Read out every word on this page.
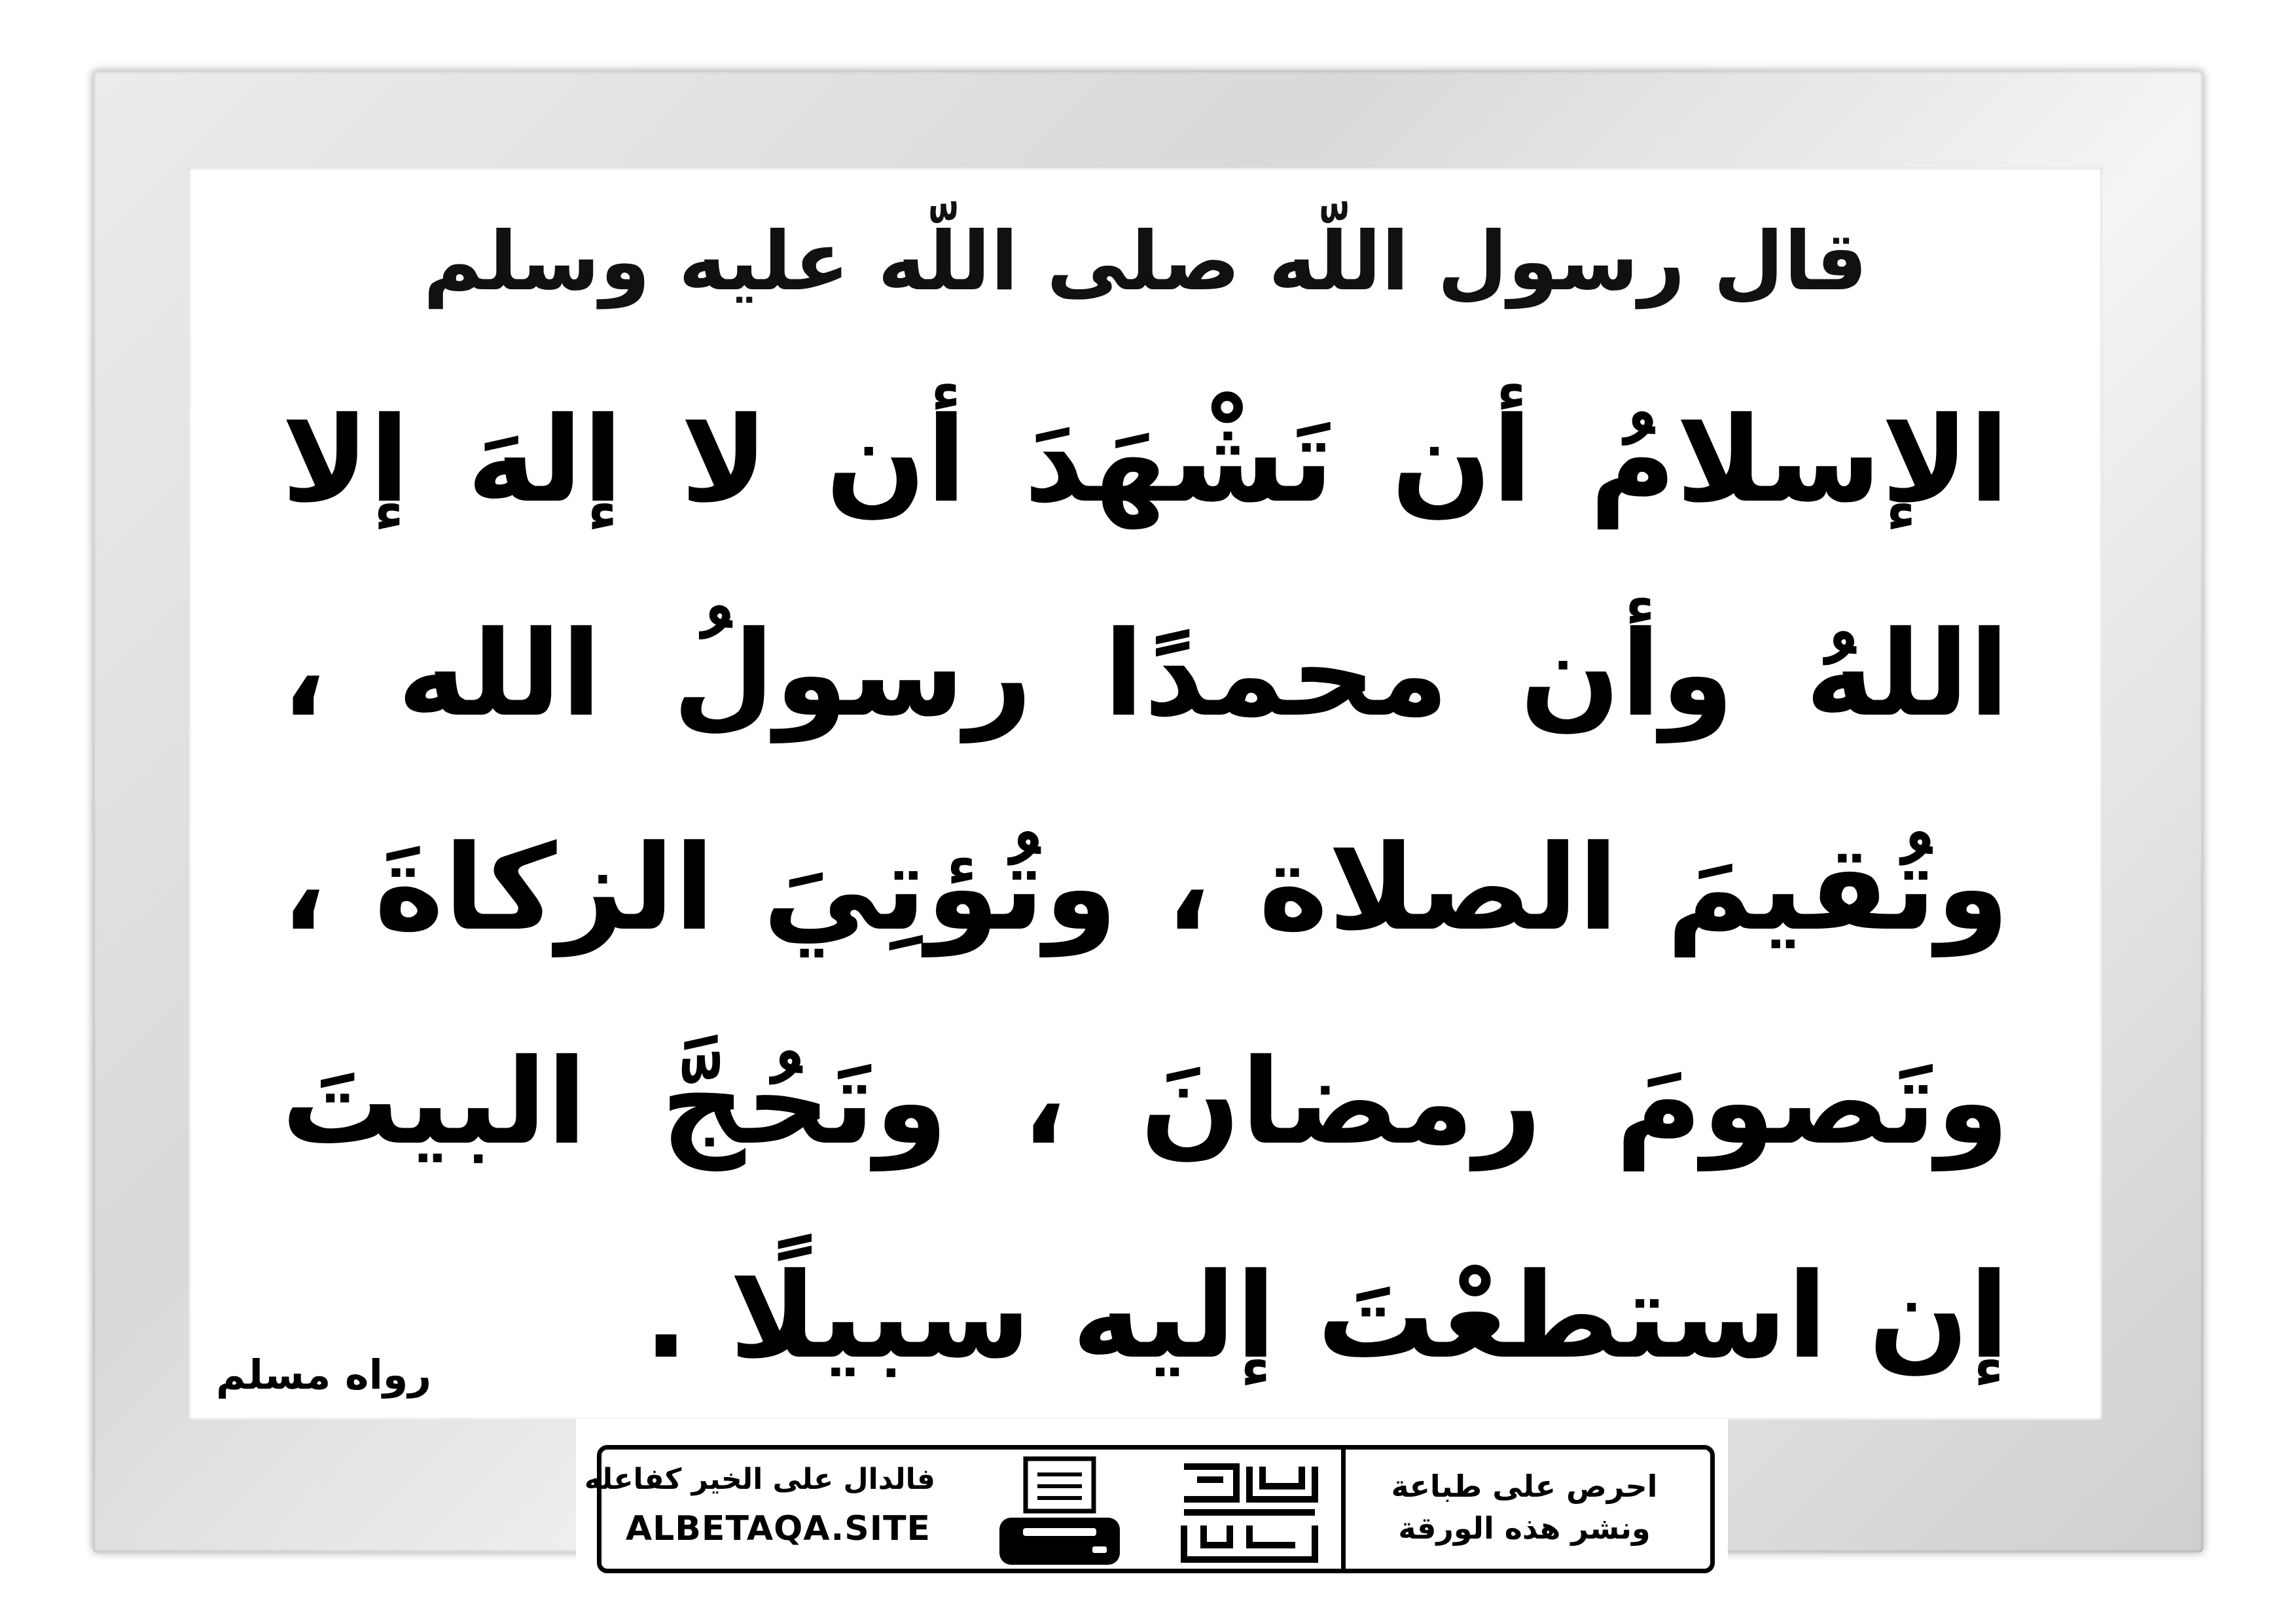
قال رسول اللّه صلى اللّه عليه وسلم
الإسلامُ أن تَشْهَدَ أن لا إلهَ إلا اللهُ وأن محمدًا رسولُ الله ، وتُقيمَ الصلاة ، وتُؤتِيَ الزكاةَ ، وتَصومَ رمضانَ ، وتَحُجَّ البيتَ إن استطعْتَ إليه سبيلًا .
رواه مسلم
فالدال على الخير كفاعله
ALBETAQA.SITE
دعوة الورقة
احرص على طباعة
ونشر هذه الورقة
